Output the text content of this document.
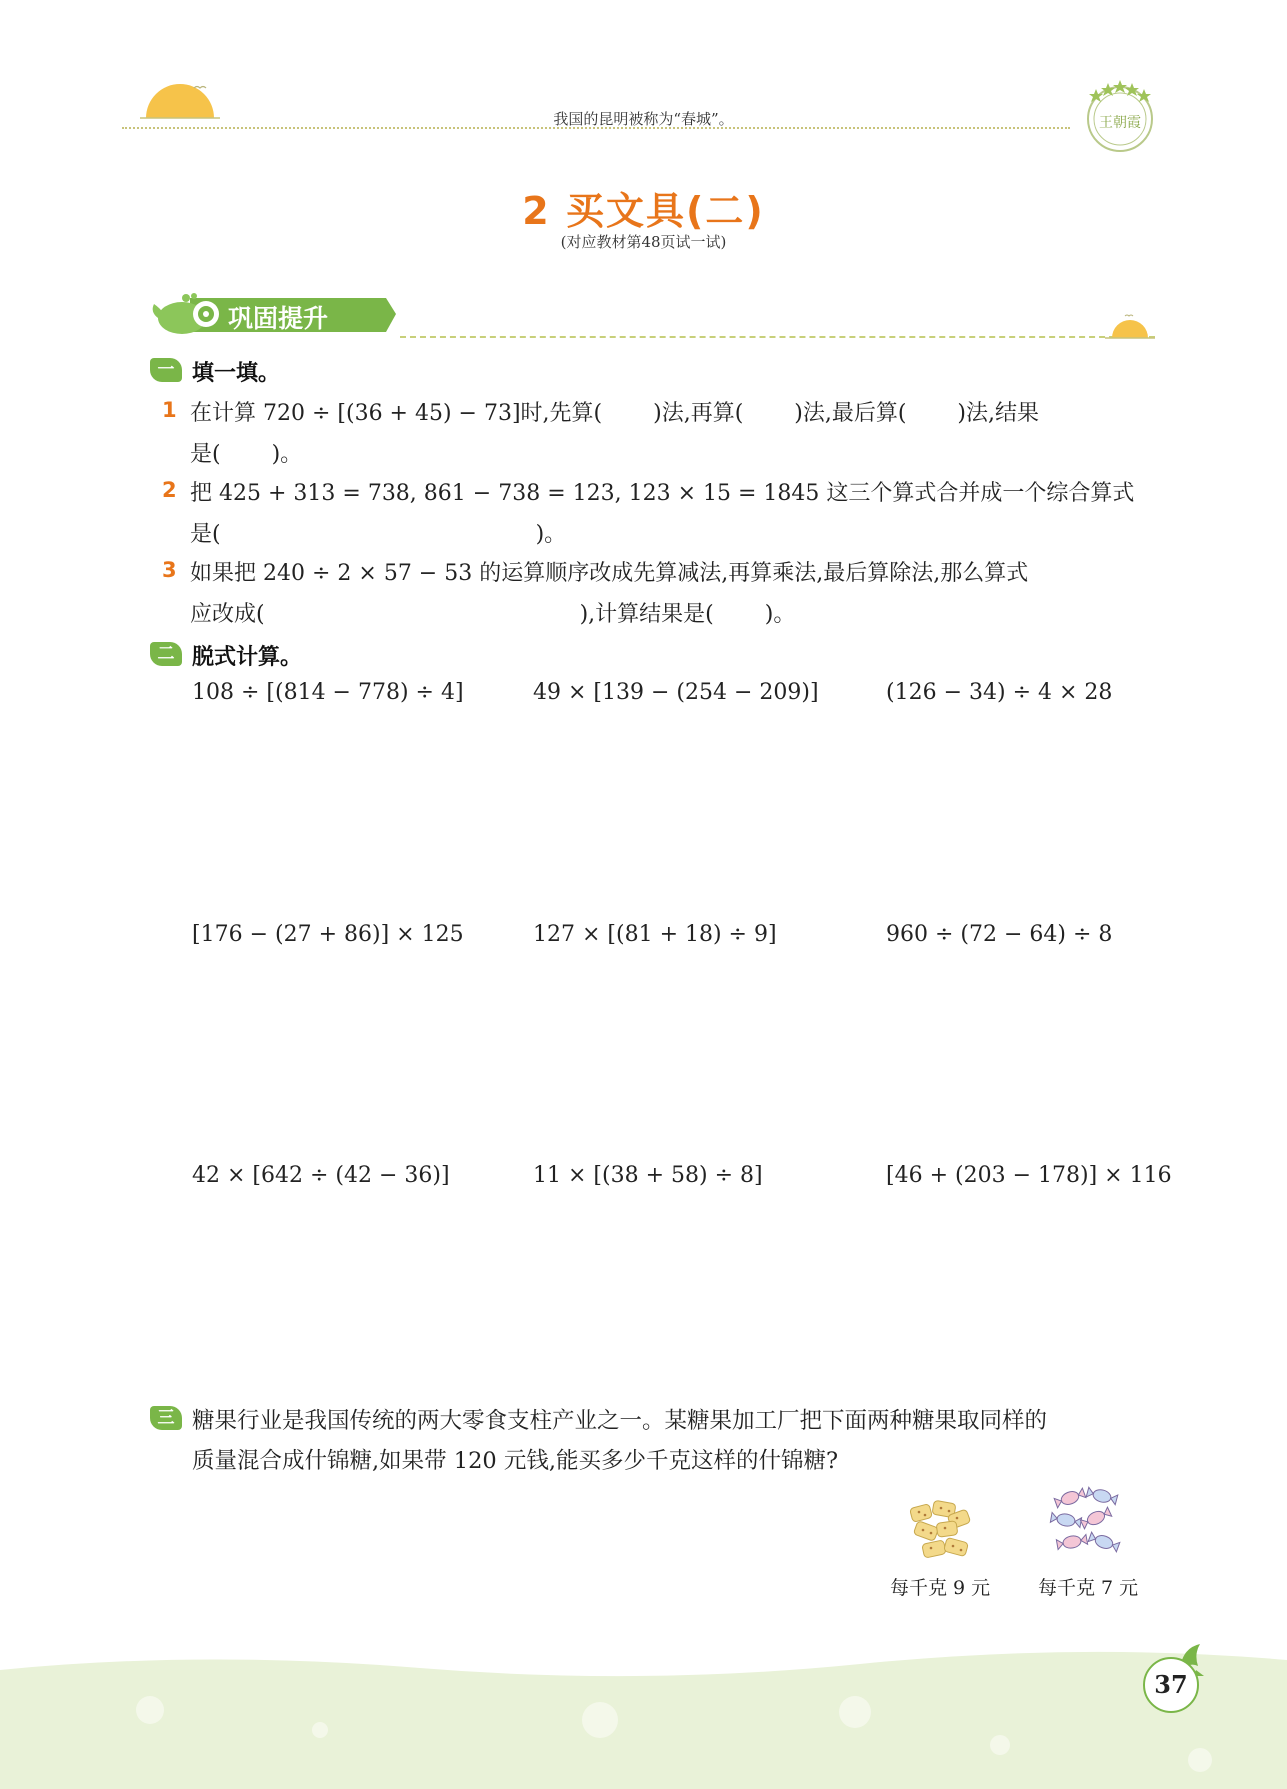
我国的昆明被称为“春城”。	王朝霞
2 买文具(二)
(对应教材第48页试一试)
巩固提升
一 填一填。
1 在计算 720 ÷ [(36 + 45) − 73]时,先算(　　 )法,再算(　　 )法,最后算(　　 )法,结果
是(　　 )。
2 把 425 + 313 = 738, 861 − 738 = 123, 123 × 15 = 1845 这三个算式合并成一个综合算式
是(　　　　　　　　　　　　　　 )。
3 如果把 240 ÷ 2 × 57 − 53 的运算顺序改成先算减法,再算乘法,最后算除法,那么算式
应改成(　　　　　　　　　　　　　　 ),计算结果是(　　 )。
二 脱式计算。
108 ÷ [(814 − 778) ÷ 4]	49 × [139 − (254 − 209)]	(126 − 34) ÷ 4 × 28
[176 − (27 + 86)] × 125	127 × [(81 + 18) ÷ 9]	960 ÷ (72 − 64) ÷ 8
42 × [642 ÷ (42 − 36)]	11 × [(38 + 58) ÷ 8]	[46 + (203 − 178)] × 116
三 糖果行业是我国传统的两大零食支柱产业之一。某糖果加工厂把下面两种糖果取同样的
质量混合成什锦糖,如果带 120 元钱,能买多少千克这样的什锦糖?
每千克 9 元	每千克 7 元
37
